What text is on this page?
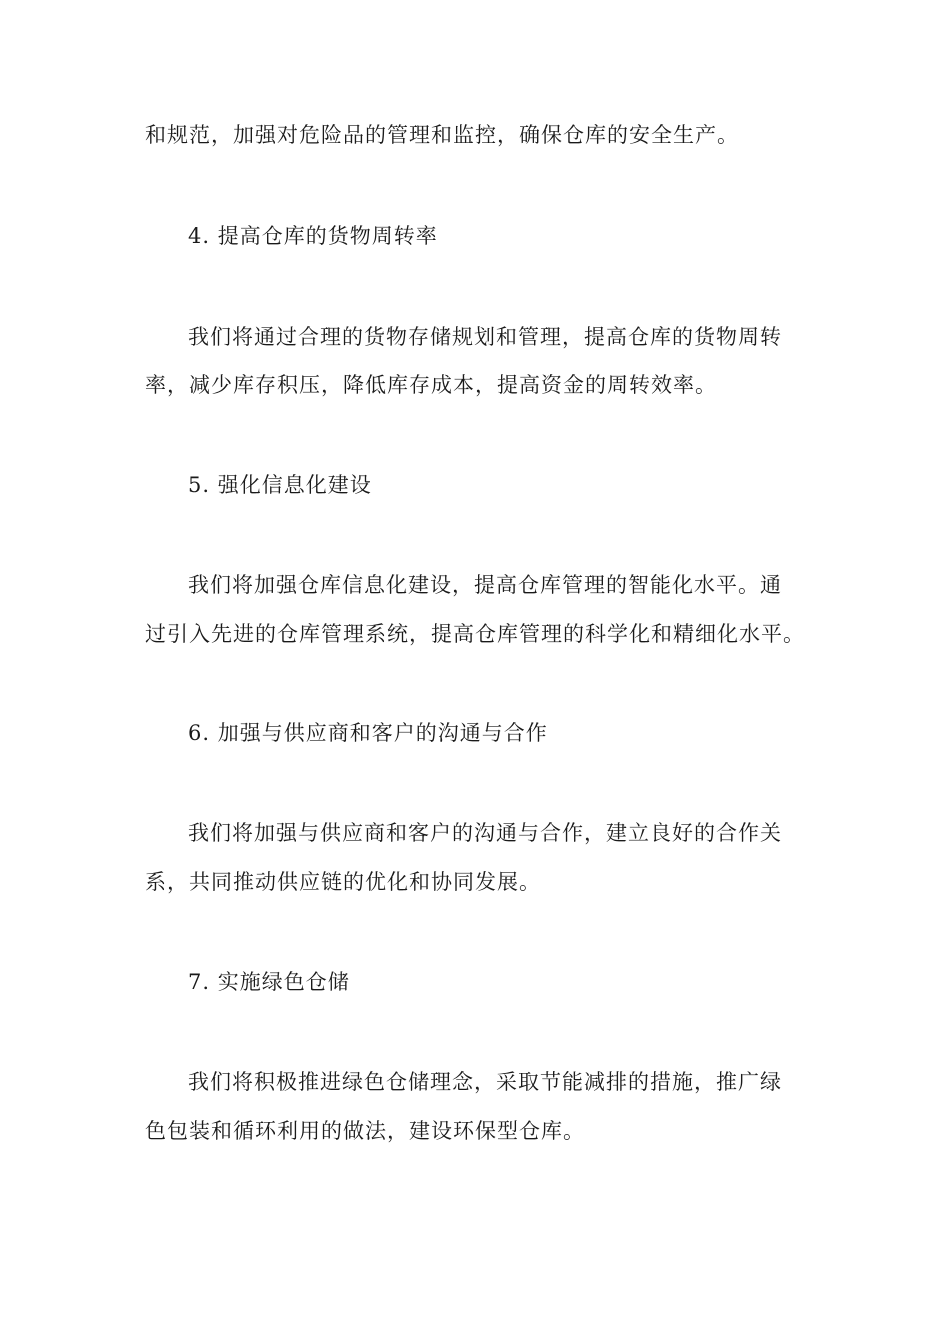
和规范，加强对危险品的管理和监控，确保仓库的安全生产。
4. 提高仓库的货物周转率
我们将通过合理的货物存储规划和管理，提高仓库的货物周转
率，减少库存积压，降低库存成本，提高资金的周转效率。
5. 强化信息化建设
我们将加强仓库信息化建设，提高仓库管理的智能化水平。通
过引入先进的仓库管理系统，提高仓库管理的科学化和精细化水平。
6. 加强与供应商和客户的沟通与合作
我们将加强与供应商和客户的沟通与合作，建立良好的合作关
系，共同推动供应链的优化和协同发展。
7. 实施绿色仓储
我们将积极推进绿色仓储理念，采取节能减排的措施，推广绿
色包装和循环利用的做法，建设环保型仓库。
